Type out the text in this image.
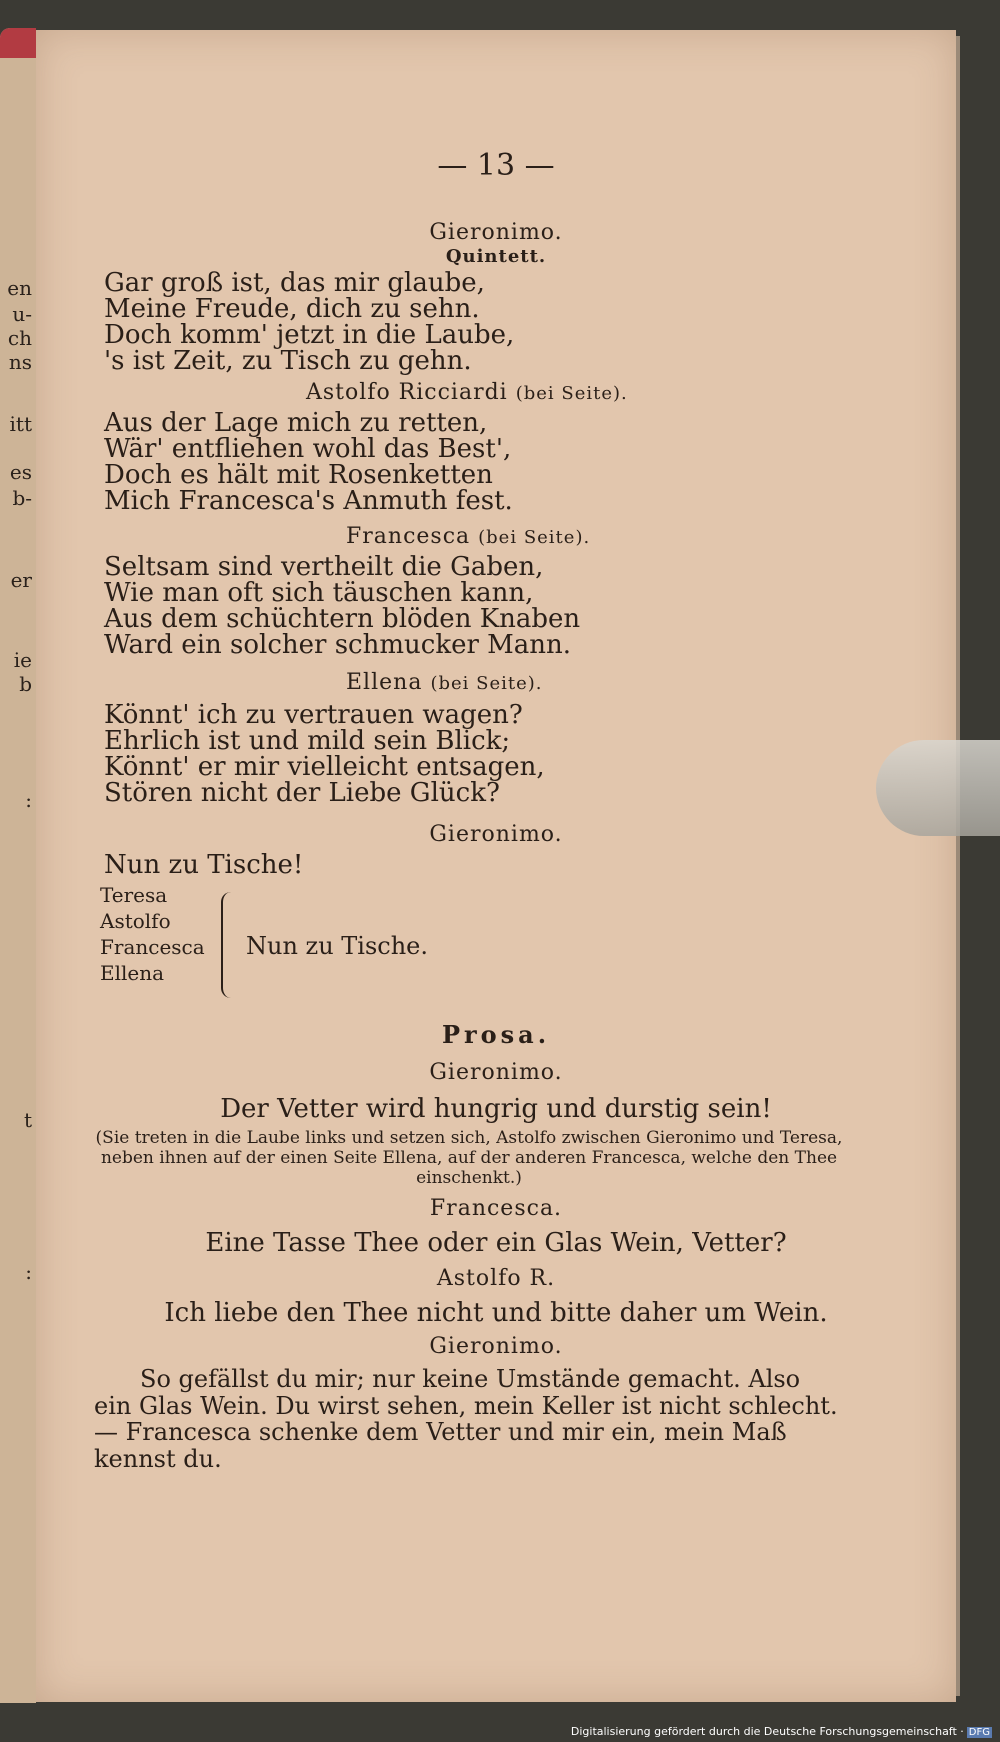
en
u-
ch
ns
itt
es
b-
er
ie
b
:
t
:
— 13 —
Gieronimo.
Quintett.
Gar groß ist, das mir glaube,
Meine Freude, dich zu sehn.
Doch komm' jetzt in die Laube,
's ist Zeit, zu Tisch zu gehn.
Astolfo Ricciardi (bei Seite).
Aus der Lage mich zu retten,
Wär' entfliehen wohl das Best',
Doch es hält mit Rosenketten
Mich Francesca's Anmuth fest.
Francesca (bei Seite).
Seltsam sind vertheilt die Gaben,
Wie man oft sich täuschen kann,
Aus dem schüchtern blöden Knaben
Ward ein solcher schmucker Mann.
Ellena (bei Seite).
Könnt' ich zu vertrauen wagen?
Ehrlich ist und mild sein Blick;
Könnt' er mir vielleicht entsagen,
Stören nicht der Liebe Glück?
Gieronimo.
Nun zu Tische!
Teresa
Astolfo
Francesca
Ellena
Nun zu Tische.
Prosa.
Gieronimo.
Der Vetter wird hungrig und durstig sein!
(Sie treten in die Laube links und setzen sich, Astolfo zwischen Gieronimo und Teresa, neben ihnen auf der einen Seite Ellena, auf der anderen Francesca, welche den Thee einschenkt.)
Francesca.
Eine Tasse Thee oder ein Glas Wein, Vetter?
Astolfo R.
Ich liebe den Thee nicht und bitte daher um Wein.
Gieronimo.
So gefällst du mir; nur keine Umstände gemacht. Also
ein Glas Wein. Du wirst sehen, mein Keller ist nicht schlecht.
— Francesca schenke dem Vetter und mir ein, mein Maß
kennst du.
Digitalisierung gefördert durch die Deutsche Forschungsgemeinschaft · DFG
